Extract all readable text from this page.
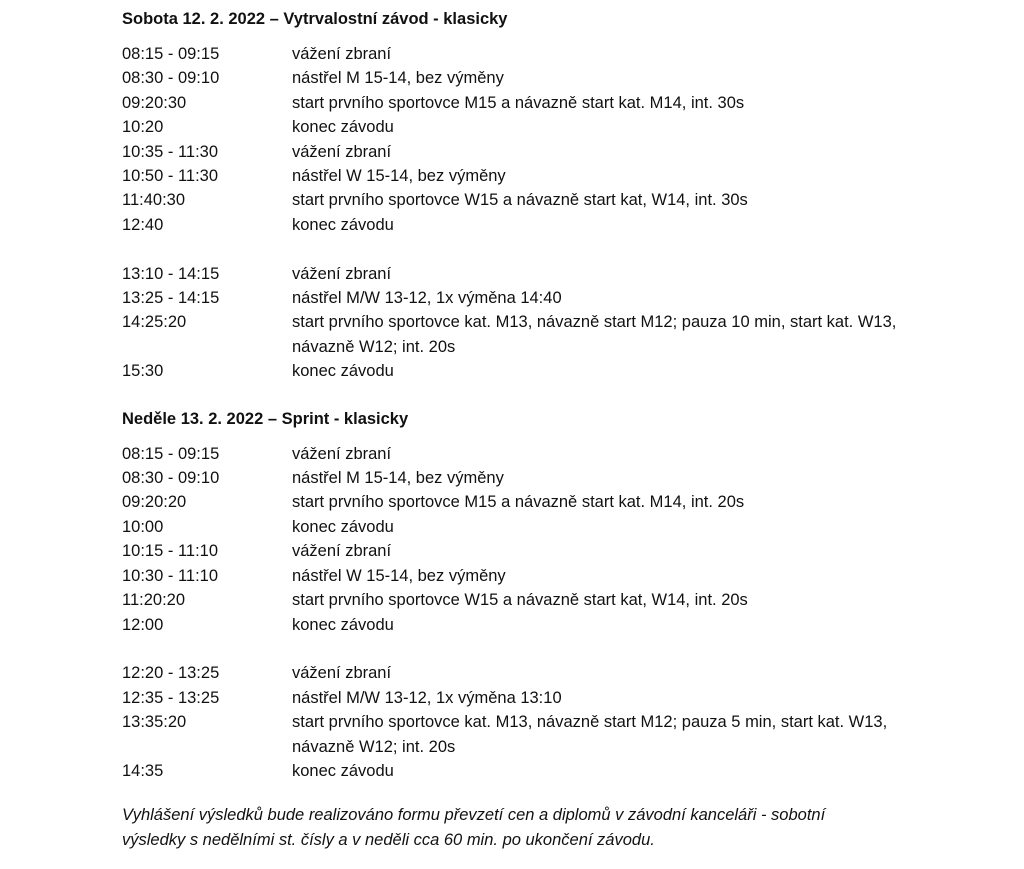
Sobota 12. 2. 2022 – Vytrvalostní závod - klasicky
08:15 - 09:15	vážení zbraní
08:30 - 09:10	nástřel M 15-14, bez výměny
09:20:30	start prvního sportovce M15 a návazně start kat. M14, int. 30s
10:20	konec závodu
10:35 - 11:30	vážení zbraní
10:50 - 11:30	nástřel W 15-14, bez výměny
11:40:30	start prvního sportovce W15 a návazně start kat, W14, int. 30s
12:40	konec závodu
13:10 - 14:15	vážení zbraní
13:25 - 14:15	nástřel M/W 13-12, 1x výměna 14:40
14:25:20	start prvního sportovce kat. M13, návazně start M12; pauza 10 min, start kat. W13, návazně W12; int. 20s
15:30	konec závodu
Neděle 13. 2. 2022 – Sprint - klasicky
08:15 - 09:15	vážení zbraní
08:30 - 09:10	nástřel M 15-14, bez výměny
09:20:20	start prvního sportovce M15 a návazně start kat. M14, int. 20s
10:00	konec závodu
10:15 - 11:10	vážení zbraní
10:30 - 11:10	nástřel W 15-14, bez výměny
11:20:20	start prvního sportovce W15 a návazně start kat, W14, int. 20s
12:00	konec závodu
12:20 - 13:25	vážení zbraní
12:35 - 13:25	nástřel M/W 13-12, 1x výměna 13:10
13:35:20	start prvního sportovce kat. M13, návazně start M12; pauza 5 min, start kat. W13, návazně W12; int. 20s
14:35	konec závodu
Vyhlášení výsledků bude realizováno formu převzetí cen a diplomů v závodní kanceláři - sobotní výsledky s nedělními st. čísly a v neděli cca 60 min. po ukončení závodu.
